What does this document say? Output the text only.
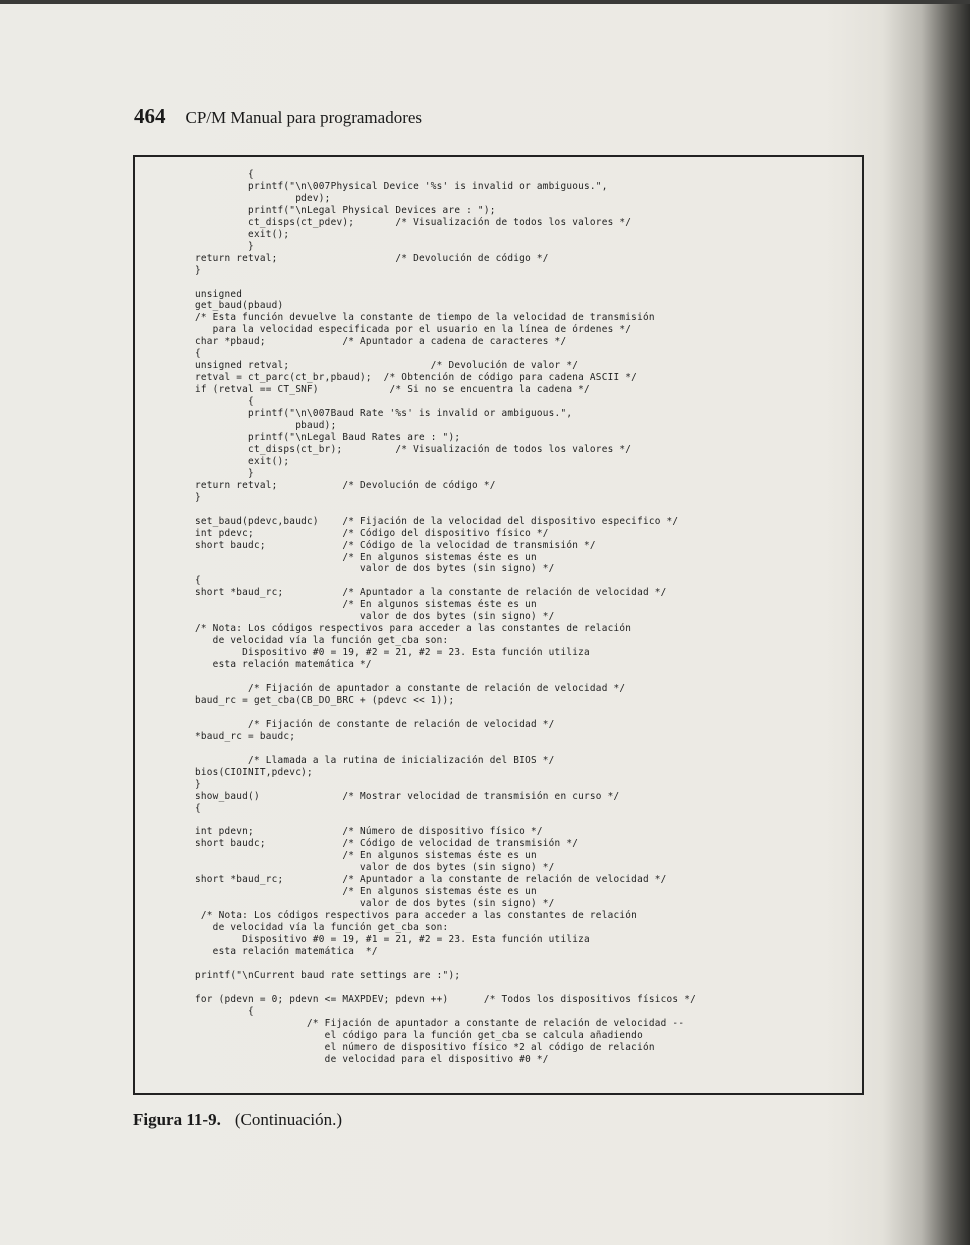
464 CP/M Manual para programadores
{
printf("\n\007Physical Device '%s' is invalid or ambiguous.",
pdev);
printf("\nLegal Physical Devices are : ");
ct_disps(ct_pdev);       /* Visualización de todos los valores */
exit();
}
return retval;                    /* Devolución de código */
}

unsigned
get_baud(pbaud)
/* Esta función devuelve la constante de tiempo de la velocidad de transmisión
para la velocidad especificada por el usuario en la línea de órdenes */
char *pbaud;             /* Apuntador a cadena de caracteres */
{
unsigned retval;                        /* Devolución de valor */
retval = ct_parc(ct_br,pbaud);  /* Obtención de código para cadena ASCII */
if (retval == CT_SNF)            /* Si no se encuentra la cadena */
{
printf("\n\007Baud Rate '%s' is invalid or ambiguous.",
pbaud);
printf("\nLegal Baud Rates are : ");
ct_disps(ct_br);         /* Visualización de todos los valores */
exit();
}
return retval;           /* Devolución de código */
}

set_baud(pdevc,baudc)    /* Fijación de la velocidad del dispositivo especifico */
int pdevc;               /* Código del dispositivo físico */
short baudc;             /* Código de la velocidad de transmisión */
/* En algunos sistemas éste es un
valor de dos bytes (sin signo) */
{
short *baud_rc;          /* Apuntador a la constante de relación de velocidad */
/* En algunos sistemas éste es un
valor de dos bytes (sin signo) */
/* Nota: Los códigos respectivos para acceder a las constantes de relación
de velocidad vía la función get_cba son:
Dispositivo #0 = 19, #2 = 21, #2 = 23. Esta función utiliza
esta relación matemática */

/* Fijación de apuntador a constante de relación de velocidad */
baud_rc = get_cba(CB_DO_BRC + (pdevc << 1));

/* Fijación de constante de relación de velocidad */
*baud_rc = baudc;

/* Llamada a la rutina de inicialización del BIOS */
bios(CIOINIT,pdevc);
}
show_baud()              /* Mostrar velocidad de transmisión en curso */
{

int pdevn;               /* Número de dispositivo físico */
short baudc;             /* Código de velocidad de transmisión */
/* En algunos sistemas éste es un
valor de dos bytes (sin signo) */
short *baud_rc;          /* Apuntador a la constante de relación de velocidad */
/* En algunos sistemas éste es un
valor de dos bytes (sin signo) */
/* Nota: Los códigos respectivos para acceder a las constantes de relación
de velocidad vía la función get_cba son:
Dispositivo #0 = 19, #1 = 21, #2 = 23. Esta función utiliza
esta relación matemática  */

printf("\nCurrent baud rate settings are :");

for (pdevn = 0; pdevn <= MAXPDEV; pdevn ++)      /* Todos los dispositivos físicos */
{
/* Fijación de apuntador a constante de relación de velocidad --
el código para la función get_cba se calcula añadiendo
el número de dispositivo físico *2 al código de relación
de velocidad para el dispositivo #0 */

Figura 11-9. (Continuación.)
